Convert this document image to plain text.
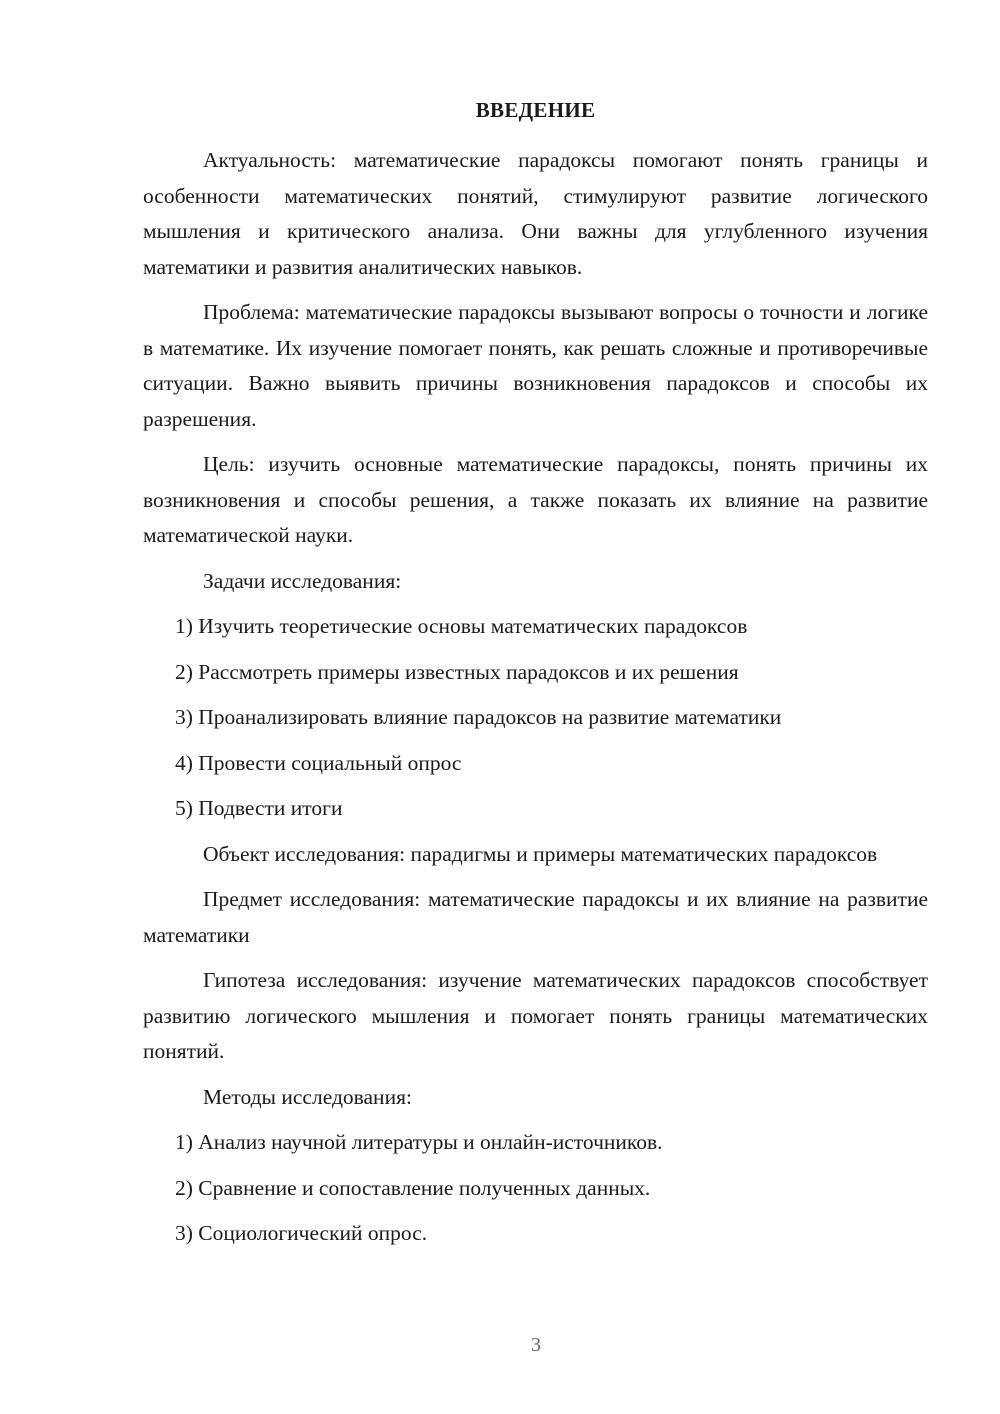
ВВЕДЕНИЕ

Актуальность: математические парадоксы помогают понять границы и особенности математических понятий, стимулируют развитие логического мышления и критического анализа. Они важны для углубленного изучения математики и развития аналитических навыков.

Проблема: математические парадоксы вызывают вопросы о точности и логике в математике. Их изучение помогает понять, как решать сложные и противоречивые ситуации. Важно выявить причины возникновения парадоксов и способы их разрешения.

Цель: изучить основные математические парадоксы, понять причины их возникновения и способы решения, а также показать их влияние на развитие математической науки.

Задачи исследования:

1) Изучить теоретические основы математических парадоксов

2) Рассмотреть примеры известных парадоксов и их решения

3) Проанализировать влияние парадоксов на развитие математики

4) Провести социальный опрос

5) Подвести итоги

Объект исследования: парадигмы и примеры математических парадоксов

Предмет исследования: математические парадоксы и их влияние на развитие математики

Гипотеза исследования: изучение математических парадоксов способствует развитию логического мышления и помогает понять границы математических понятий.

Методы исследования:

1) Анализ научной литературы и онлайн-источников.

2) Сравнение и сопоставление полученных данных.

3) Социологический опрос.

3
